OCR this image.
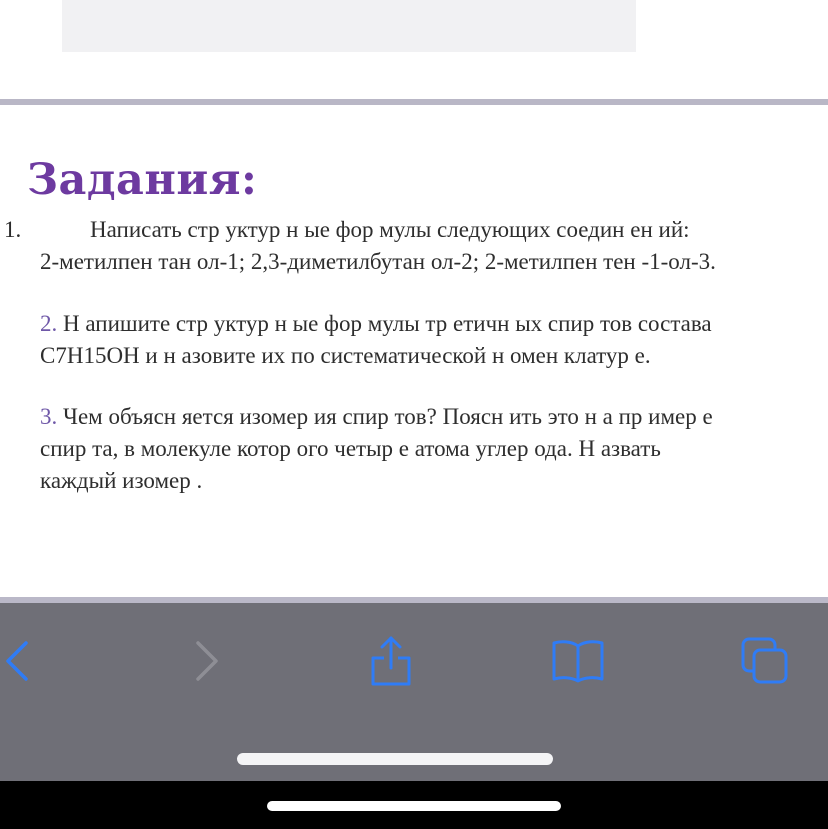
Задания:
1.	Написать стр уктур н ые фор мулы следующих соедин ен ий:
2-метилпен тан ол-1; 2,3-диметилбутан ол-2; 2-метилпен тен -1-ол-3.
2. Н апишите стр уктур н ые фор мулы тр етичн ых спир тов состава
С7Н15ОН и н азовите их по систематической н омен клатур е.
3. Чем объясн яется изомер ия спир тов? Поясн ить это н а пр имер е
спир та, в молекуле котор ого четыр е атома углер ода. Н азвать
каждый изомер .
